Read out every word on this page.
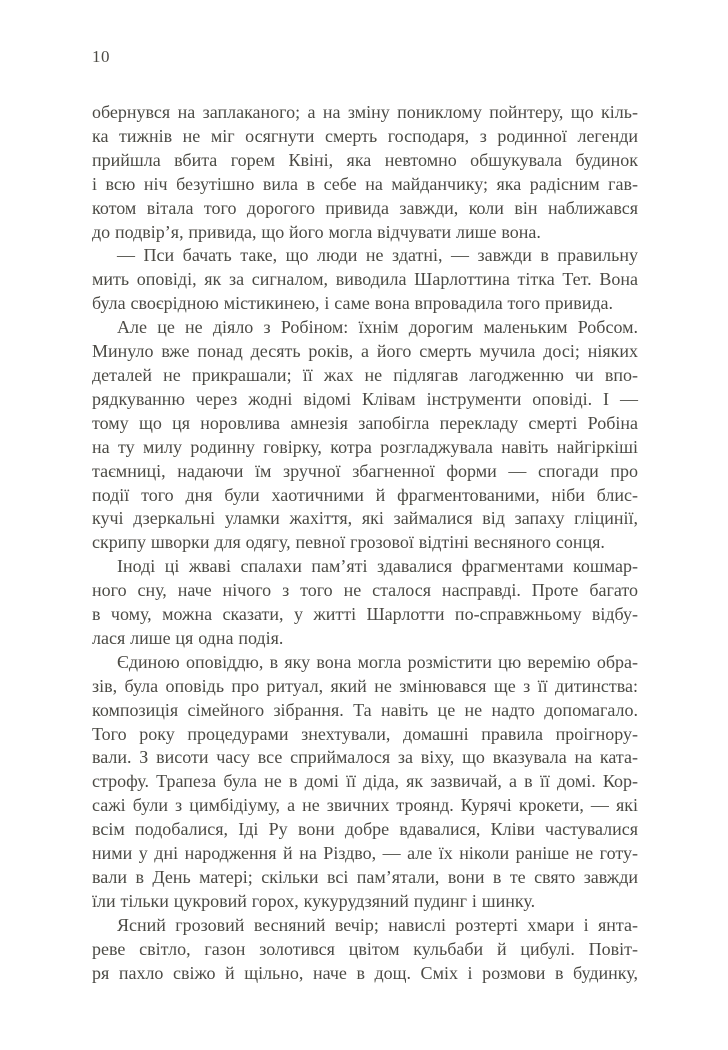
10
обернувся на заплаканого; а на зміну пониклому пойнтеру, що кіль-
ка тижнів не міг осягнути смерть господаря, з родинної легенди
прийшла вбита горем Квіні, яка невтомно обшукувала будинок
і всю ніч безутішно вила в себе на майданчику; яка радісним гав-
котом вітала того дорогого привида завжди, коли він наближався
до подвір’я, привида, що його могла відчувати лише вона.
— Пси бачать таке, що люди не здатні, — завжди в правильну
мить оповіді, як за сигналом, виводила Шарлоттина тітка Тет. Вона
була своєрідною містикинею, і саме вона впровадила того привида.
Але це не діяло з Робіном: їхнім дорогим маленьким Робсом.
Минуло вже понад десять років, а його смерть мучила досі; ніяких
деталей не прикрашали; її жах не підлягав лагодженню чи впо-
рядкуванню через жодні відомі Клівам інструменти оповіді. І —
тому що ця норовлива амнезія запобігла перекладу смерті Робіна
на ту милу родинну говірку, котра розгладжувала навіть найгіркіші
таємниці, надаючи їм зручної збагненної форми — спогади про
події того дня були хаотичними й фрагментованими, ніби блис-
кучі дзеркальні уламки жахіття, які займалися від запаху гліцинії,
скрипу шворки для одягу, певної грозової відтіні весняного сонця.
Іноді ці жваві спалахи пам’яті здавалися фрагментами кошмар-
ного сну, наче нічого з того не сталося насправді. Проте багато
в чому, можна сказати, у житті Шарлотти по-справжньому відбу-
лася лише ця одна подія.
Єдиною оповіддю, в яку вона могла розмістити цю веремію обра-
зів, була оповідь про ритуал, який не змінювався ще з її дитинства:
композиція сімейного зібрання. Та навіть це не надто допомагало.
Того року процедурами знехтували, домашні правила проігнору-
вали. З висоти часу все сприймалося за віху, що вказувала на ката-
строфу. Трапеза була не в домі її діда, як зазвичай, а в її домі. Кор-
сажі були з цимбідіуму, а не звичних троянд. Курячі крокети, — які
всім подобалися, Іді Ру вони добре вдавалися, Кліви частувалися
ними у дні народження й на Різдво, — але їх ніколи раніше не готу-
вали в День матері; скільки всі пам’ятали, вони в те свято завжди
їли тільки цукровий горох, кукурудзяний пудинг і шинку.
Ясний грозовий весняний вечір; навислі розтерті хмари і янта-
реве світло, газон золотився цвітом кульбаби й цибулі. Повіт-
ря пахло свіжо й щільно, наче в дощ. Сміх і розмови в будинку,
